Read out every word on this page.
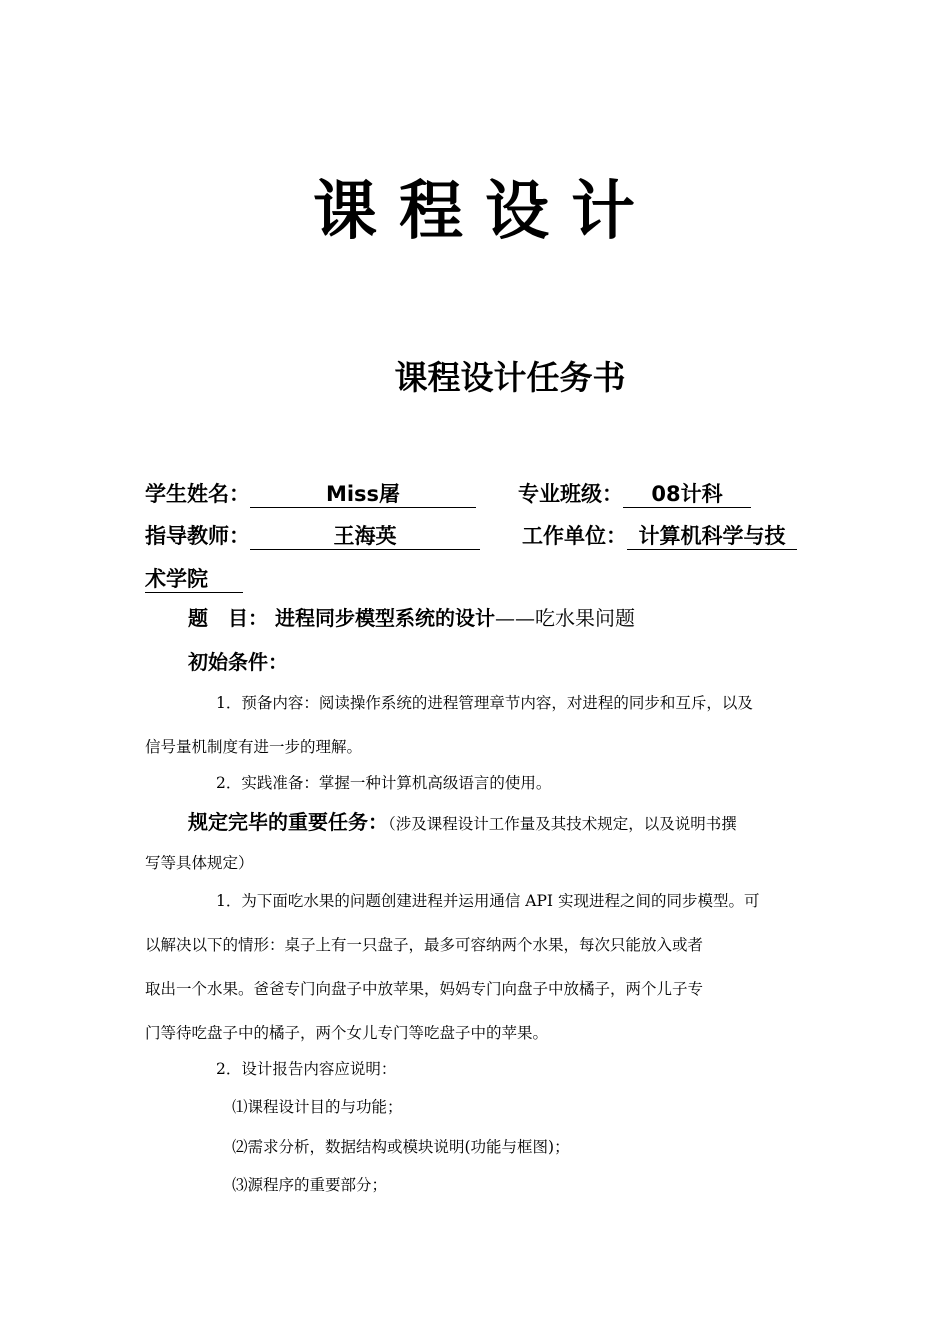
课程设计
课程设计任务书
学生姓名：	Miss屠	专业班级： 08计科
指导教师：	王海英	工作单位： 计算机科学与技
术学院
题　目： 进程同步模型系统的设计——吃水果问题
初始条件：
1．预备内容：阅读操作系统的进程管理章节内容，对进程的同步和互斥，以及
信号量机制度有进一步的理解。
2．实践准备：掌握一种计算机高级语言的使用。
规定完毕的重要任务：（涉及课程设计工作量及其技术规定，以及说明书撰
写等具体规定）
1．为下面吃水果的问题创建进程并运用通信 API 实现进程之间的同步模型。可
以解决以下的情形：桌子上有一只盘子，最多可容纳两个水果，每次只能放入或者
取出一个水果。爸爸专门向盘子中放苹果，妈妈专门向盘子中放橘子，两个儿子专
门等待吃盘子中的橘子，两个女儿专门等吃盘子中的苹果。
2．设计报告内容应说明：
⑴课程设计目的与功能；
⑵需求分析，数据结构或模块说明(功能与框图)；
⑶源程序的重要部分；
